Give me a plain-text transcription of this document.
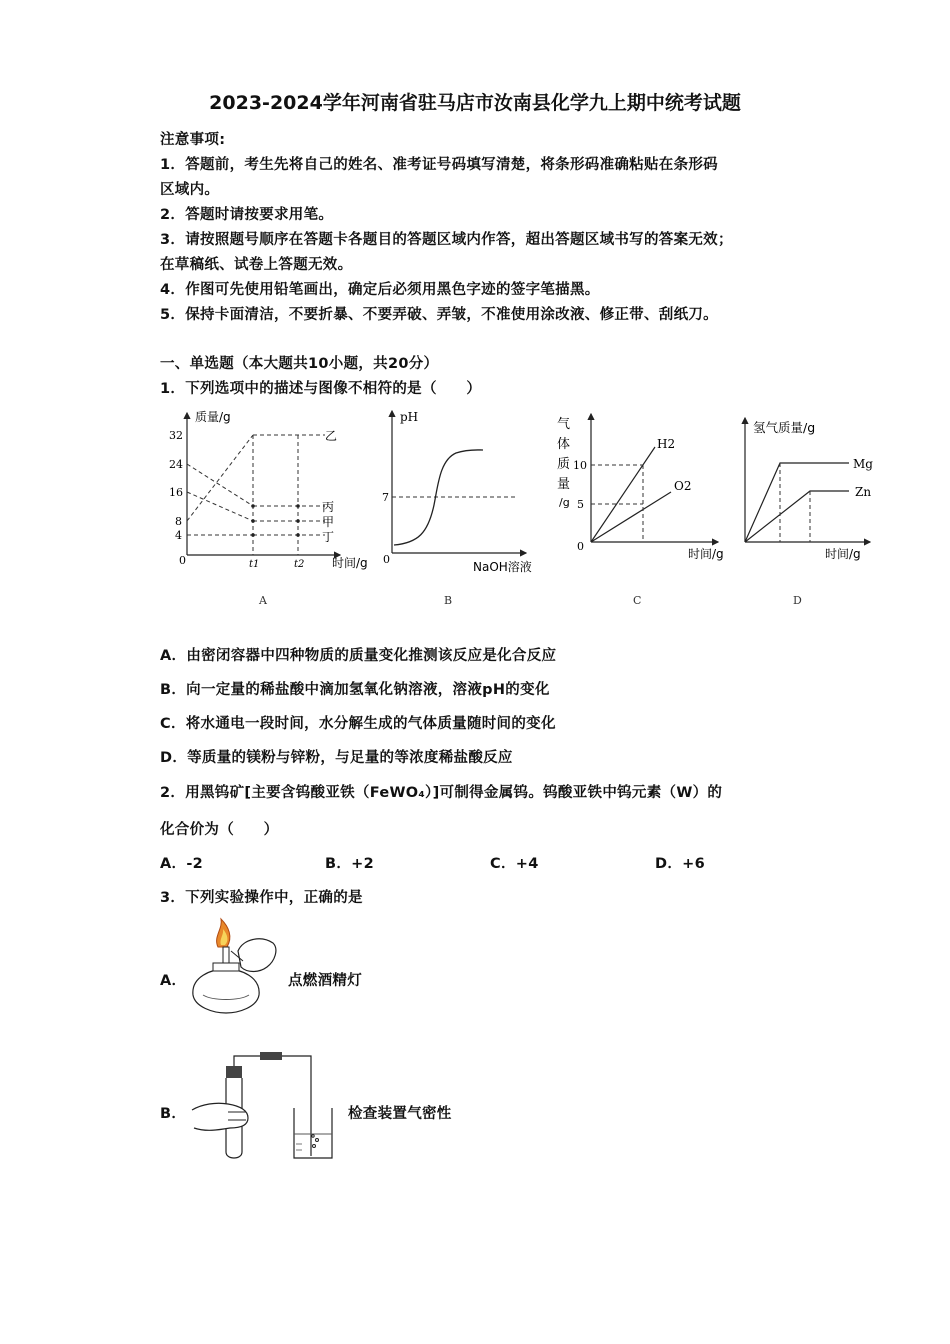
2023-2024学年河南省驻马店市汝南县化学九上期中统考试题
注意事项:
1．答题前，考生先将自己的姓名、准考证号码填写清楚，将条形码准确粘贴在条形码
区域内。
2．答题时请按要求用笔。
3．请按照题号顺序在答题卡各题目的答题区域内作答，超出答题区域书写的答案无效；
在草稿纸、试卷上答题无效。
4．作图可先使用铅笔画出，确定后必须用黑色字迹的签字笔描黑。
5．保持卡面清洁，不要折暴、不要弄破、弄皱，不准使用涂改液、修正带、刮纸刀。
一、单选题（本大题共10小题，共20分）
1．下列选项中的描述与图像不相符的是（　　）
质量/g
时间/g
0
32
24
16
8
4
t1	t2
乙
丙
甲
丁
A
pH
NaOH溶液
0
7
B
气
体
质
量
/g
时间/g
0
10
5
H2
O2
C
氢气质量/g
时间/g
Mg
Zn
D
A．由密闭容器中四种物质的质量变化推测该反应是化合反应
B．向一定量的稀盐酸中滴加氢氧化钠溶液，溶液pH的变化
C．将水通电一段时间，水分解生成的气体质量随时间的变化
D．等质量的镁粉与锌粉，与足量的等浓度稀盐酸反应
2．用黑钨矿[主要含钨酸亚铁（FeWO₄）]可制得金属钨。钨酸亚铁中钨元素（W）的
化合价为（　　）
A．-2	B．+2	C．+4	D．+6
3．下列实验操作中，正确的是
A．	点燃酒精灯
B．	检查装置气密性
